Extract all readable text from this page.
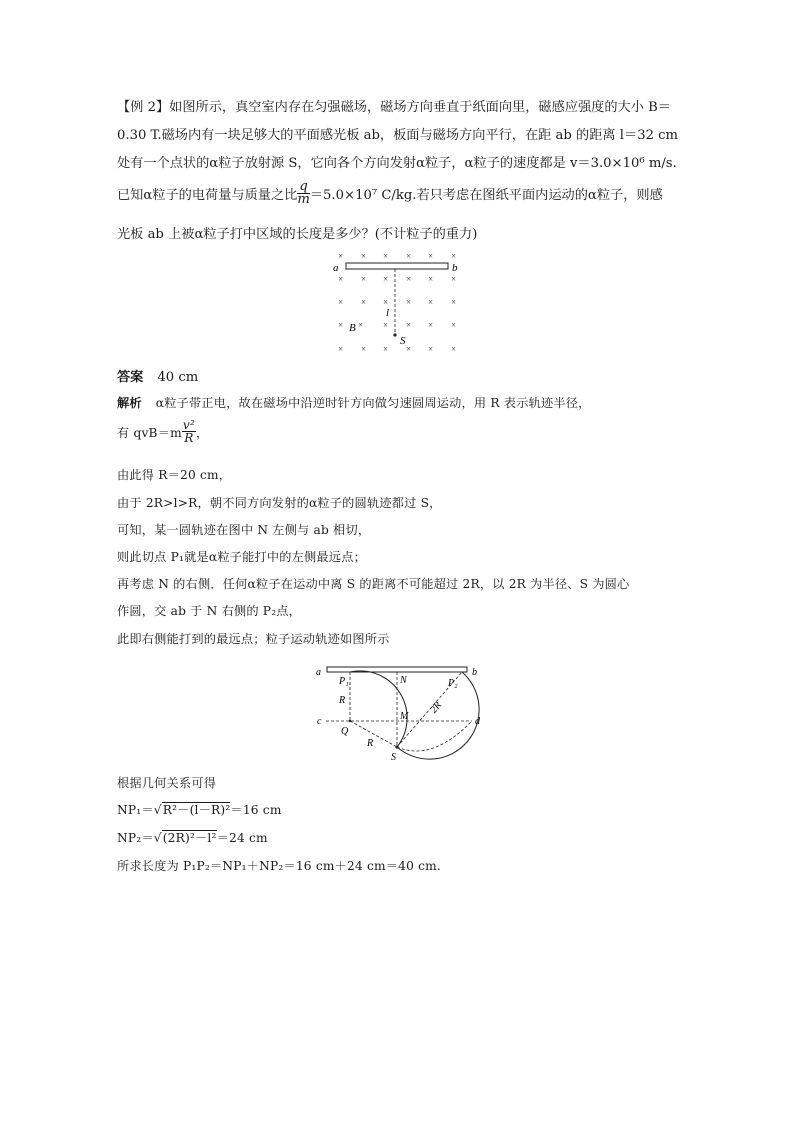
【例 2】如图所示，真空室内存在匀强磁场，磁场方向垂直于纸面向里，磁感应强度的大小 B＝
0.30 T.磁场内有一块足够大的平面感光板 ab，板面与磁场方向平行，在距 ab 的距离 l＝32 cm
处有一个点状的α粒子放射源 S，它向各个方向发射α粒子，α粒子的速度都是 v＝3.0×10⁶ m/s.
已知α粒子的电荷量与质量之比 $\frac{q}{m} =5.0\times 10^7$ C/kg.若只考虑在图纸平面内运动的α粒子，则感
光板 ab 上被α粒子打中区域的长度是多少？(不计粒子的重力)
× × × × × ×
× × × × × ×
× × × × × ×
×	× × × ×
× × × × × ×
×
a	b
l
B
S
答案 40 cm
解析 α粒子带正电，故在磁场中沿逆时针方向做匀速圆周运动，用 R 表示轨迹半径，
有 $qvB=m \frac{\text{v²}}{R}$ ，
由此得 R＝20 cm，
由于 2R>l>R，朝不同方向发射的α粒子的圆轨迹都过 S，
可知，某一圆轨迹在图中 N 左侧与 ab 相切，
则此切点 P₁就是α粒子能打中的左侧最远点；
再考虑 N 的右侧．任何α粒子在运动中离 S 的距离不可能超过 2R，以 2R 为半径、S 为圆心
作圆，交 ab 于 N 右侧的 P₂点，
此即右侧能打到的最远点；粒子运动轨迹如图所示
a	b
P₁	N	P₂
2R
R
M
c	d
Q
R
S
根据几何关系可得
NP₁＝√R²－(l－R)²＝16 cm
NP₂＝√(2R)²－l²＝24 cm
所求长度为 P₁P₂＝NP₁＋NP₂＝16 cm＋24 cm＝40 cm.
